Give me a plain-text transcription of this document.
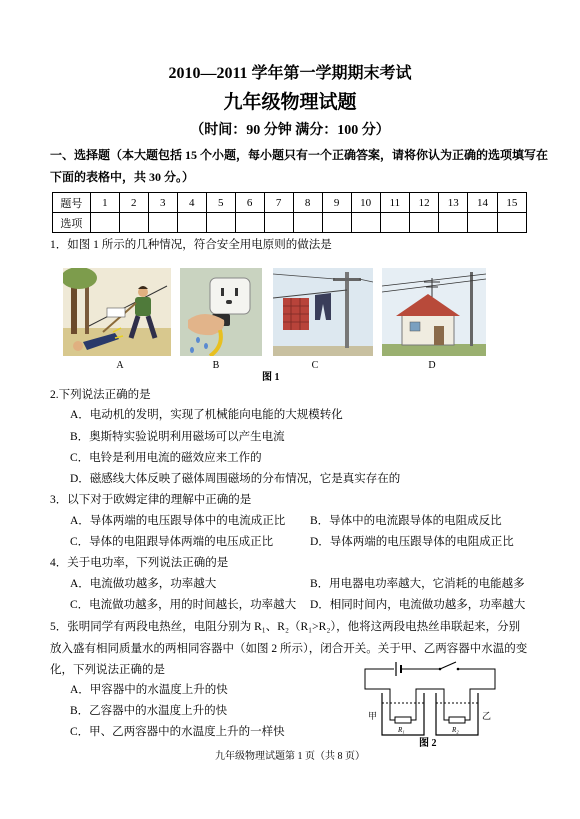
2010—2011 学年第一学期期末考试
九年级物理试题
（时间：90 分钟 满分：100 分）
一、选择题（本大题包括 15 个小题，每小题只有一个正确答案，请将你认为正确的选项填写在
下面的表格中，共 30 分。）
题号	1	2	3	4	5	6	7	8	9	10	11	12	13	14	15
选项															
1．如图 1 所示的几种情况，符合安全用电原则的做法是
A	B	C	D
图 1
2.下列说法正确的是
A．电动机的发明，实现了机械能向电能的大规模转化
B．奥斯特实验说明利用磁场可以产生电流
C．电铃是利用电流的磁效应来工作的
D．磁感线大体反映了磁体周围磁场的分布情况，它是真实存在的
3．以下对于欧姆定律的理解中正确的是
A．导体两端的电压跟导体中的电流成正比 B．导体中的电流跟导体的电阻成反比
C．导体的电阻跟导体两端的电压成正比	D．导体两端的电压跟导体的电阻成正比
4．关于电功率，下列说法正确的是
A．电流做功越多，功率越大	B．用电器电功率越大，它消耗的电能越多
C．电流做功越多，用的时间越长，功率越大 D．相同时间内，电流做功越多，功率越大
5．张明同学有两段电热丝，电阻分别为 R₁、R₂（R₁>R₂），他将这两段电热丝串联起来，分别
放入盛有相同质量水的两相同容器中（如图 2 所示），闭合开关。关于甲、乙两容器中水温的变
化，下列说法正确的是
A．甲容器中的水温度上升的快
B．乙容器中的水温度上升的快
C．甲、乙两容器中的水温度上升的一样快
甲	乙
R₁	R₂
图 2
九年级物理试题第 1 页（共 8 页）
